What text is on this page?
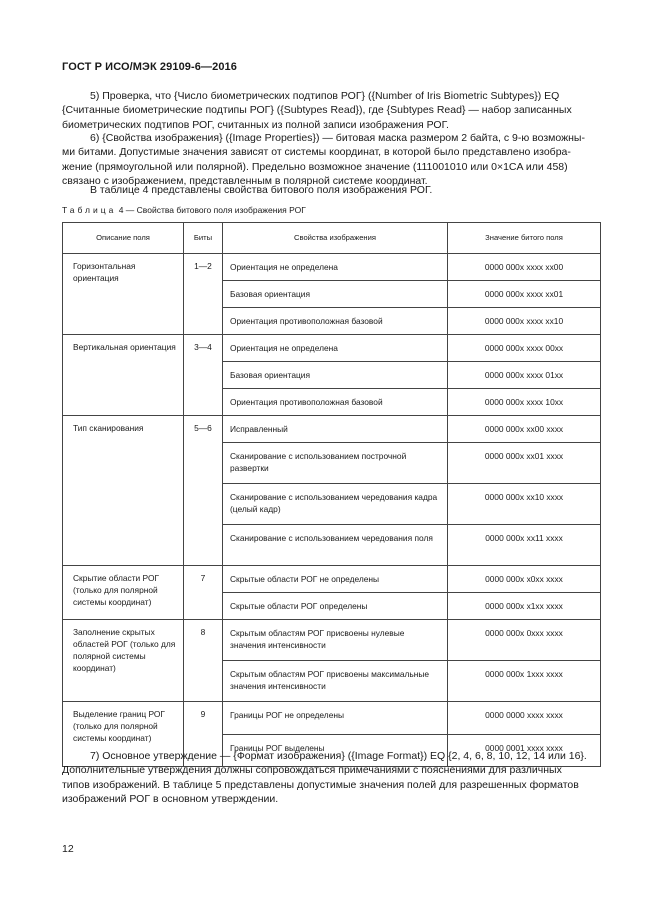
ГОСТ Р ИСО/МЭК 29109-6—2016
5) Проверка, что {Число биометрических подтипов РОГ} ({Number of Iris Biometric Subtypes}) EQ
{Считанные биометрические подтипы РОГ} ({Subtypes Read}), где {Subtypes Read} — набор записанных
биометрических подтипов РОГ, считанных из полной записи изображения РОГ.
6) {Свойства изображения} ({Image Properties}) — битовая маска размером 2 байта, с 9-ю возможны-
ми битами. Допустимые значения зависят от системы координат, в которой было представлено изобра-
жение (прямоугольной или полярной). Предельно возможное значение (111001010 или 0×1CA или 458)
связано с изображением, представленным в полярной системе координат.
В таблице 4 представлены свойства битового поля изображения РОГ.
Таблица 4 — Свойства битового поля изображения РОГ
Описание поля	Биты	Свойства изображения	Значение битого поля
Горизонтальная ориентация	1—2	Ориентация не определена	0000 000x xxxx xx00
		Базовая ориентация	0000 000x xxxx xx01
		Ориентация противоположная базовой	0000 000x xxxx xx10
Вертикальная ориентация	3—4	Ориентация не определена	0000 000x xxxx 00xx
		Базовая ориентация	0000 000x xxxx 01xx
		Ориентация противоположная базовой	0000 000x xxxx 10xx
Тип сканирования	5—6	Исправленный	0000 000x xx00 xxxx
		Сканирование с использованием построчной развертки	0000 000x xx01 xxxx
		Сканирование с использованием чередования кадра (целый кадр)	0000 000x xx10 xxxx
		Сканирование с использованием чередования поля	0000 000x xx11 xxxx
Скрытие области РОГ (только для полярной системы координат)	7	Скрытые области РОГ не определены	0000 000x x0xx xxxx
		Скрытые области РОГ определены	0000 000x x1xx xxxx
Заполнение скрытых областей РОГ (только для полярной системы координат)	8	Скрытым областям РОГ присвоены нулевые значения интенсивности	0000 000x 0xxx xxxx
		Скрытым областям РОГ присвоены максимальные значения интенсивности	0000 000x 1xxx xxxx
Выделение границ РОГ (только для полярной системы координат)	9	Границы РОГ не определены	0000 0000 xxxx xxxx
		Границы РОГ выделены	0000 0001 xxxx xxxx
7) Основное утверждение — {Формат изображения} ({Image Format}) EQ {2, 4, 6, 8, 10, 12, 14 или 16}.
Дополнительные утверждения должны сопровождаться примечаниями с пояснениями для различных
типов изображений. В таблице 5 представлены допустимые значения полей для разрешенных форматов
изображений РОГ в основном утверждении.
12
